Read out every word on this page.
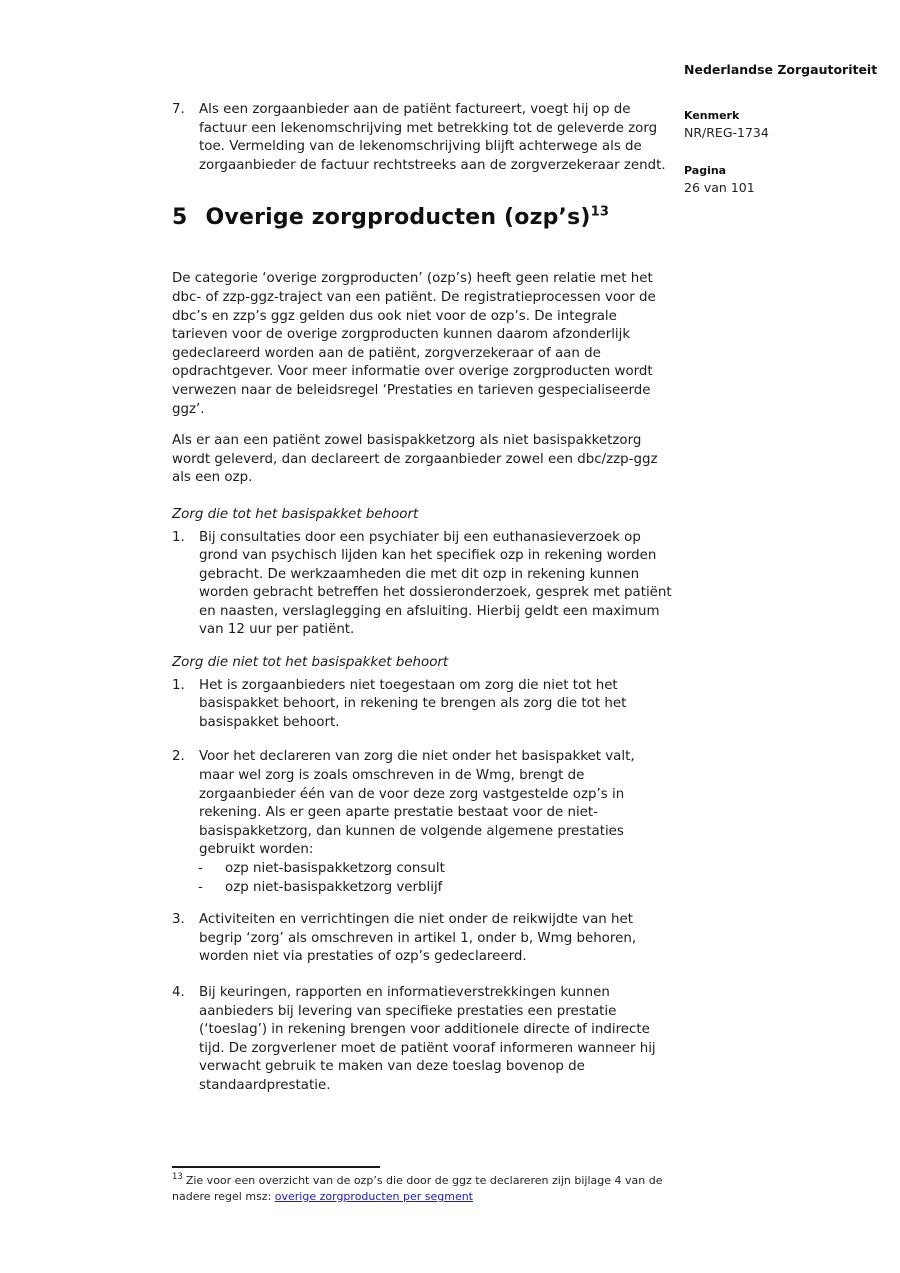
Nederlandse Zorgautoriteit
Kenmerk
NR/REG-1734
Pagina
26 van 101
7.	Als een zorgaanbieder aan de patiënt factureert, voegt hij op de factuur een lekenomschrijving met betrekking tot de geleverde zorg toe. Vermelding van de lekenomschrijving blijft achterwege als de zorgaanbieder de factuur rechtstreeks aan de zorgverzekeraar zendt.
5 Overige zorgproducten (ozp’s)$^{13}$

De categorie ‘overige zorgproducten’ (ozp’s) heeft geen relatie met het dbc- of zzp-ggz-traject van een patiënt. De registratieprocessen voor de dbc’s en zzp’s ggz gelden dus ook niet voor de ozp’s. De integrale tarieven voor de overige zorgproducten kunnen daarom afzonderlijk gedeclareerd worden aan de patiënt, zorgverzekeraar of aan de opdrachtgever. Voor meer informatie over overige zorgproducten wordt verwezen naar de beleidsregel ‘Prestaties en tarieven gespecialiseerde ggz’.

Als er aan een patiënt zowel basispakketzorg als niet basispakketzorg wordt geleverd, dan declareert de zorgaanbieder zowel een dbc/zzp-ggz als een ozp.

Zorg die tot het basispakket behoort
1.	Bij consultaties door een psychiater bij een euthanasieverzoek op grond van psychisch lijden kan het specifiek ozp in rekening worden gebracht. De werkzaamheden die met dit ozp in rekening kunnen worden gebracht betreffen het dossieronderzoek, gesprek met patiënt en naasten, verslaglegging en afsluiting. Hierbij geldt een maximum van 12 uur per patiënt.
Zorg die niet tot het basispakket behoort
1.	Het is zorgaanbieders niet toegestaan om zorg die niet tot het basispakket behoort, in rekening te brengen als zorg die tot het basispakket behoort.
2.	Voor het declareren van zorg die niet onder het basispakket valt, maar wel zorg is zoals omschreven in de Wmg, brengt de zorgaanbieder één van de voor deze zorg vastgestelde ozp’s in rekening. Als er geen aparte prestatie bestaat voor de niet-basispakketzorg, dan kunnen de volgende algemene prestaties gebruikt worden:
-	ozp niet-basispakketzorg consult
-	ozp niet-basispakketzorg verblijf
3.	Activiteiten en verrichtingen die niet onder de reikwijdte van het begrip ‘zorg’ als omschreven in artikel 1, onder b, Wmg behoren, worden niet via prestaties of ozp’s gedeclareerd.
4.	Bij keuringen, rapporten en informatieverstrekkingen kunnen aanbieders bij levering van specifieke prestaties een prestatie (‘toeslag’) in rekening brengen voor additionele directe of indirecte tijd. De zorgverlener moet de patiënt vooraf informeren wanneer hij verwacht gebruik te maken van deze toeslag bovenop de standaardprestatie.

$^{13}$ Zie voor een overzicht van de ozp’s die door de ggz te declareren zijn bijlage 4 van de nadere regel msz: overige zorgproducten per segment
